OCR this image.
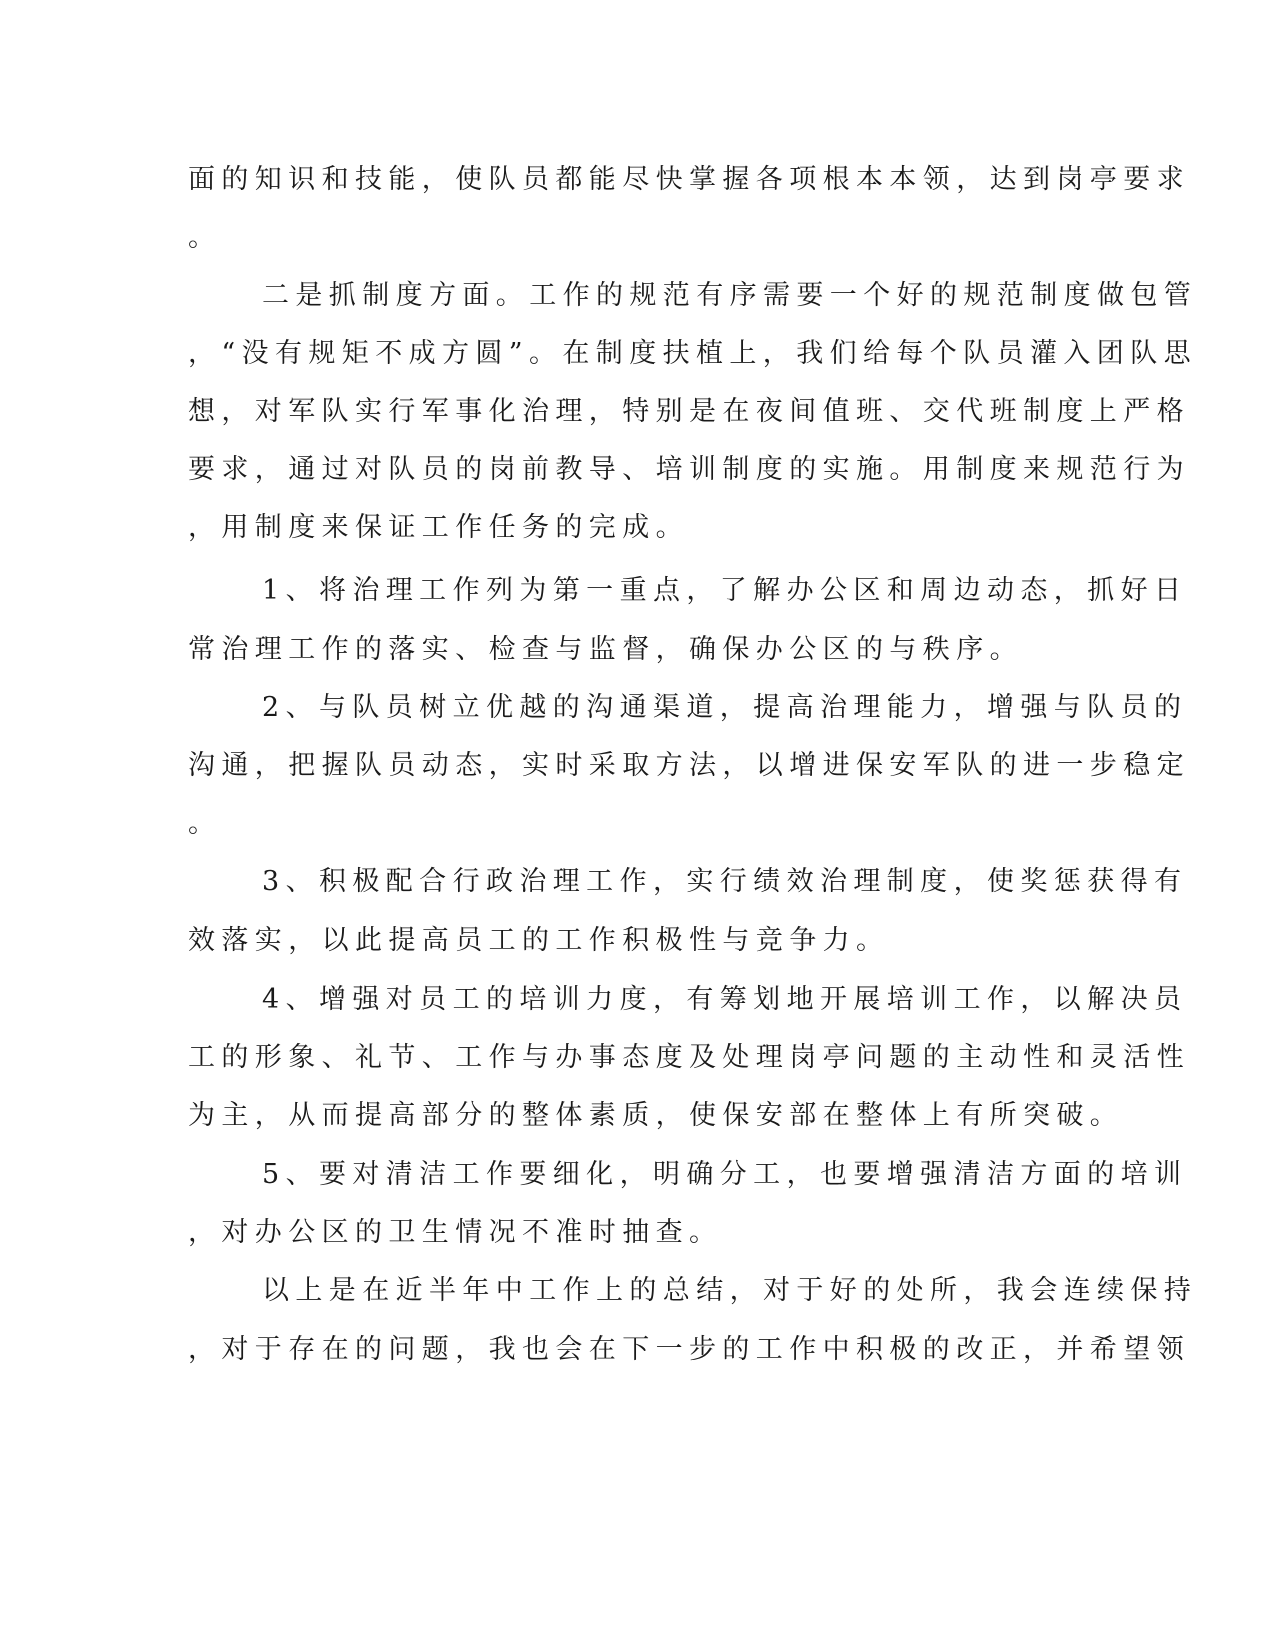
面的知识和技能，使队员都能尽快掌握各项根本本领，达到岗亭要求
。
二是抓制度方面。工作的规范有序需要一个好的规范制度做包管
，“没有规矩不成方圆”。在制度扶植上，我们给每个队员灌入团队思
想，对军队实行军事化治理，特别是在夜间值班、交代班制度上严格
要求，通过对队员的岗前教导、培训制度的实施。用制度来规范行为
，用制度来保证工作任务的完成。
1、将治理工作列为第一重点，了解办公区和周边动态，抓好日
常治理工作的落实、检查与监督，确保办公区的与秩序。
2、与队员树立优越的沟通渠道，提高治理能力，增强与队员的
沟通，把握队员动态，实时采取方法，以增进保安军队的进一步稳定
。
3、积极配合行政治理工作，实行绩效治理制度，使奖惩获得有
效落实，以此提高员工的工作积极性与竞争力。
4、增强对员工的培训力度，有筹划地开展培训工作，以解决员
工的形象、礼节、工作与办事态度及处理岗亭问题的主动性和灵活性
为主，从而提高部分的整体素质，使保安部在整体上有所突破。
5、要对清洁工作要细化，明确分工，也要增强清洁方面的培训
，对办公区的卫生情况不准时抽查。
以上是在近半年中工作上的总结，对于好的处所，我会连续保持
，对于存在的问题，我也会在下一步的工作中积极的改正，并希望领
